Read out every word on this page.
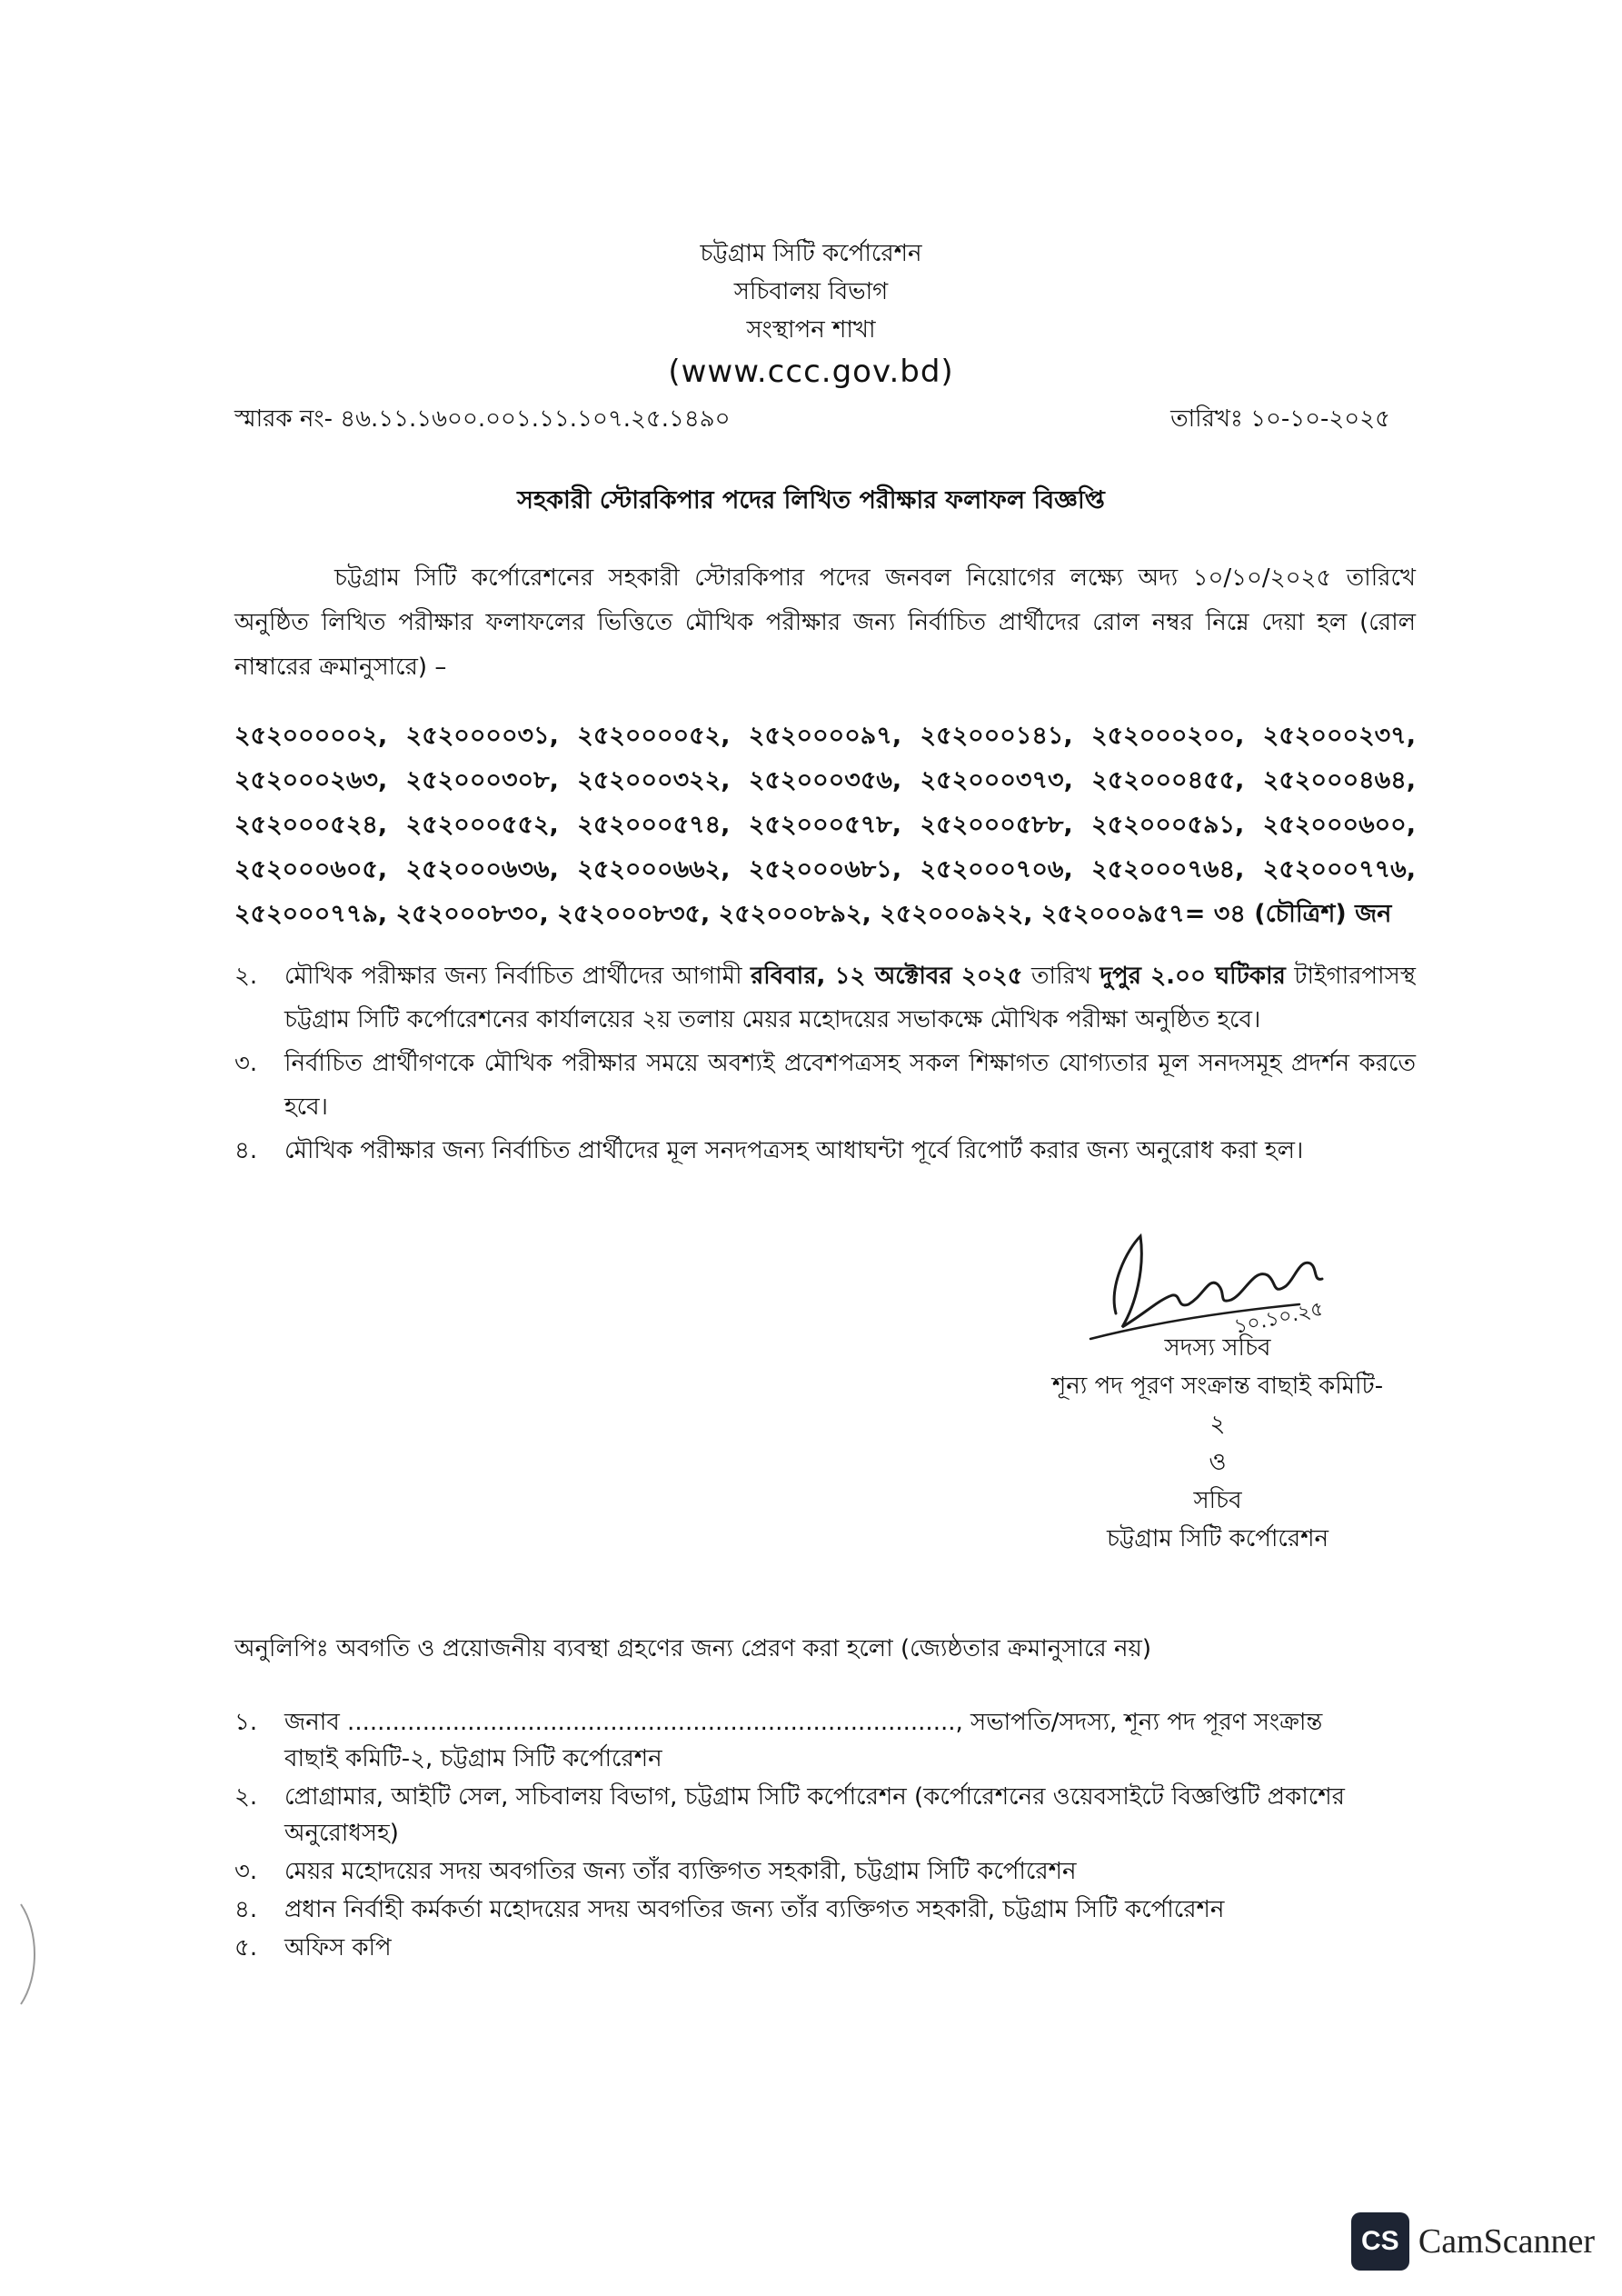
চট্টগ্রাম সিটি কর্পোরেশন
সচিবালয় বিভাগ
সংস্থাপন শাখা
(www.ccc.gov.bd)
স্মারক নং- ৪৬.১১.১৬০০.০০১.১১.১০৭.২৫.১৪৯০	তারিখঃ ১০-১০-২০২৫
সহকারী স্টোরকিপার পদের লিখিত পরীক্ষার ফলাফল বিজ্ঞপ্তি
চট্টগ্রাম সিটি কর্পোরেশনের সহকারী স্টোরকিপার পদের জনবল নিয়োগের লক্ষ্যে অদ্য ১০/১০/২০২৫ তারিখে অনুষ্ঠিত লিখিত পরীক্ষার ফলাফলের ভিত্তিতে মৌখিক পরীক্ষার জন্য নির্বাচিত প্রার্থীদের রোল নম্বর নিম্নে দেয়া হল (রোল নাম্বারের ক্রমানুসারে) –
২৫২০০০০০২, ২৫২০০০০৩১, ২৫২০০০০৫২, ২৫২০০০০৯৭, ২৫২০০০১৪১, ২৫২০০০২০০, ২৫২০০০২৩৭, ২৫২০০০২৬৩, ২৫২০০০৩০৮, ২৫২০০০৩২২, ২৫২০০০৩৫৬, ২৫২০০০৩৭৩, ২৫২০০০৪৫৫, ২৫২০০০৪৬৪, ২৫২০০০৫২৪, ২৫২০০০৫৫২, ২৫২০০০৫৭৪, ২৫২০০০৫৭৮, ২৫২০০০৫৮৮, ২৫২০০০৫৯১, ২৫২০০০৬০০, ২৫২০০০৬০৫, ২৫২০০০৬৩৬, ২৫২০০০৬৬২, ২৫২০০০৬৮১, ২৫২০০০৭০৬, ২৫২০০০৭৬৪, ২৫২০০০৭৭৬, ২৫২০০০৭৭৯, ২৫২০০০৮৩০, ২৫২০০০৮৩৫, ২৫২০০০৮৯২, ২৫২০০০৯২২, ২৫২০০০৯৫৭= ৩৪ (চৌত্রিশ) জন
২.	মৌখিক পরীক্ষার জন্য নির্বাচিত প্রার্থীদের আগামী রবিবার, ১২ অক্টোবর ২০২৫ তারিখ দুপুর ২.০০ ঘটিকার টাইগারপাসস্থ চট্টগ্রাম সিটি কর্পোরেশনের কার্যালয়ের ২য় তলায় মেয়র মহোদয়ের সভাকক্ষে মৌখিক পরীক্ষা অনুষ্ঠিত হবে।
৩.	নির্বাচিত প্রার্থীগণকে মৌখিক পরীক্ষার সময়ে অবশ্যই প্রবেশপত্রসহ সকল শিক্ষাগত যোগ্যতার মূল সনদসমূহ প্রদর্শন করতে হবে।
৪.	মৌখিক পরীক্ষার জন্য নির্বাচিত প্রার্থীদের মূল সনদপত্রসহ আধাঘন্টা পূর্বে রিপোর্ট করার জন্য অনুরোধ করা হল।
১০.১০.২৫
সদস্য সচিব
শূন্য পদ পূরণ সংক্রান্ত বাছাই কমিটি-
২
ও
সচিব
চট্টগ্রাম সিটি কর্পোরেশন
অনুলিপিঃ অবগতি ও প্রয়োজনীয় ব্যবস্থা গ্রহণের জন্য প্রেরণ করা হলো (জ্যেষ্ঠতার ক্রমানুসারে নয়)
১.	জনাব ................................................................................., সভাপতি/সদস্য, শূন্য পদ পূরণ সংক্রান্ত বাছাই কমিটি-২, চট্টগ্রাম সিটি কর্পোরেশন
২.	প্রোগ্রামার, আইটি সেল, সচিবালয় বিভাগ, চট্টগ্রাম সিটি কর্পোরেশন (কর্পোরেশনের ওয়েবসাইটে বিজ্ঞপ্তিটি প্রকাশের অনুরোধসহ)
৩.	মেয়র মহোদয়ের সদয় অবগতির জন্য তাঁর ব্যক্তিগত সহকারী, চট্টগ্রাম সিটি কর্পোরেশন
৪.	প্রধান নির্বাহী কর্মকর্তা মহোদয়ের সদয় অবগতির জন্য তাঁর ব্যক্তিগত সহকারী, চট্টগ্রাম সিটি কর্পোরেশন
৫.	অফিস কপি
CS CamScanner
